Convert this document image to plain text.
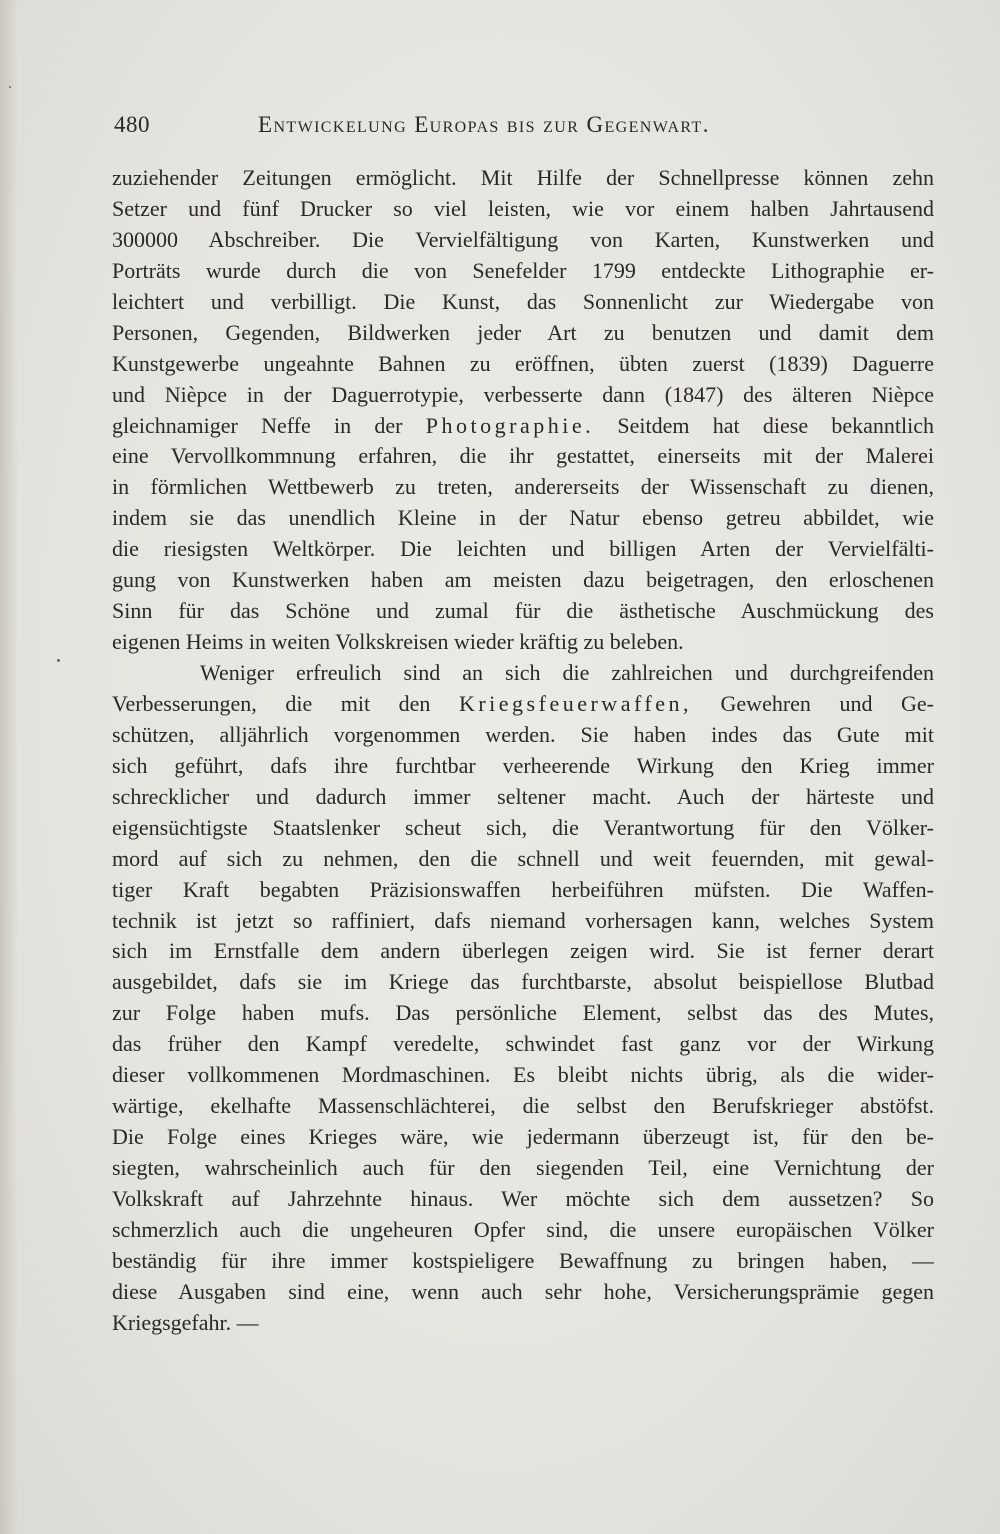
480	Entwickelung Europas bis zur Gegenwart.
zuziehender Zeitungen ermöglicht. Mit Hilfe der Schnellpresse können zehn
Setzer und fünf Drucker so viel leisten, wie vor einem halben Jahrtausend
300000 Abschreiber. Die Vervielfältigung von Karten, Kunstwerken und
Porträts wurde durch die von Senefelder 1799 entdeckte Lithographie er-
leichtert und verbilligt. Die Kunst, das Sonnenlicht zur Wiedergabe von
Personen, Gegenden, Bildwerken jeder Art zu benutzen und damit dem
Kunstgewerbe ungeahnte Bahnen zu eröffnen, übten zuerst (1839) Daguerre
und Nièpce in der Daguerrotypie, verbesserte dann (1847) des älteren Nièpce
gleichnamiger Neffe in der Photographie. Seitdem hat diese bekanntlich
eine Vervollkommnung erfahren, die ihr gestattet, einerseits mit der Malerei
in förmlichen Wettbewerb zu treten, andererseits der Wissenschaft zu dienen,
indem sie das unendlich Kleine in der Natur ebenso getreu abbildet, wie
die riesigsten Weltkörper. Die leichten und billigen Arten der Vervielfälti-
gung von Kunstwerken haben am meisten dazu beigetragen, den erloschenen
Sinn für das Schöne und zumal für die ästhetische Auschmückung des
eigenen Heims in weiten Volkskreisen wieder kräftig zu beleben.
Weniger erfreulich sind an sich die zahlreichen und durchgreifenden
Verbesserungen, die mit den Kriegsfeuerwaffen, Gewehren und Ge-
schützen, alljährlich vorgenommen werden. Sie haben indes das Gute mit
sich geführt, dafs ihre furchtbar verheerende Wirkung den Krieg immer
schrecklicher und dadurch immer seltener macht. Auch der härteste und
eigensüchtigste Staatslenker scheut sich, die Verantwortung für den Völker-
mord auf sich zu nehmen, den die schnell und weit feuernden, mit gewal-
tiger Kraft begabten Präzisionswaffen herbeiführen müfsten. Die Waffen-
technik ist jetzt so raffiniert, dafs niemand vorhersagen kann, welches System
sich im Ernstfalle dem andern überlegen zeigen wird. Sie ist ferner derart
ausgebildet, dafs sie im Kriege das furchtbarste, absolut beispiellose Blutbad
zur Folge haben mufs. Das persönliche Element, selbst das des Mutes,
das früher den Kampf veredelte, schwindet fast ganz vor der Wirkung
dieser vollkommenen Mordmaschinen. Es bleibt nichts übrig, als die wider-
wärtige, ekelhafte Massenschlächterei, die selbst den Berufskrieger abstöfst.
Die Folge eines Krieges wäre, wie jedermann überzeugt ist, für den be-
siegten, wahrscheinlich auch für den siegenden Teil, eine Vernichtung der
Volkskraft auf Jahrzehnte hinaus. Wer möchte sich dem aussetzen? So
schmerzlich auch die ungeheuren Opfer sind, die unsere europäischen Völker
beständig für ihre immer kostspieligere Bewaffnung zu bringen haben, —
diese Ausgaben sind eine, wenn auch sehr hohe, Versicherungsprämie gegen
Kriegsgefahr. —
